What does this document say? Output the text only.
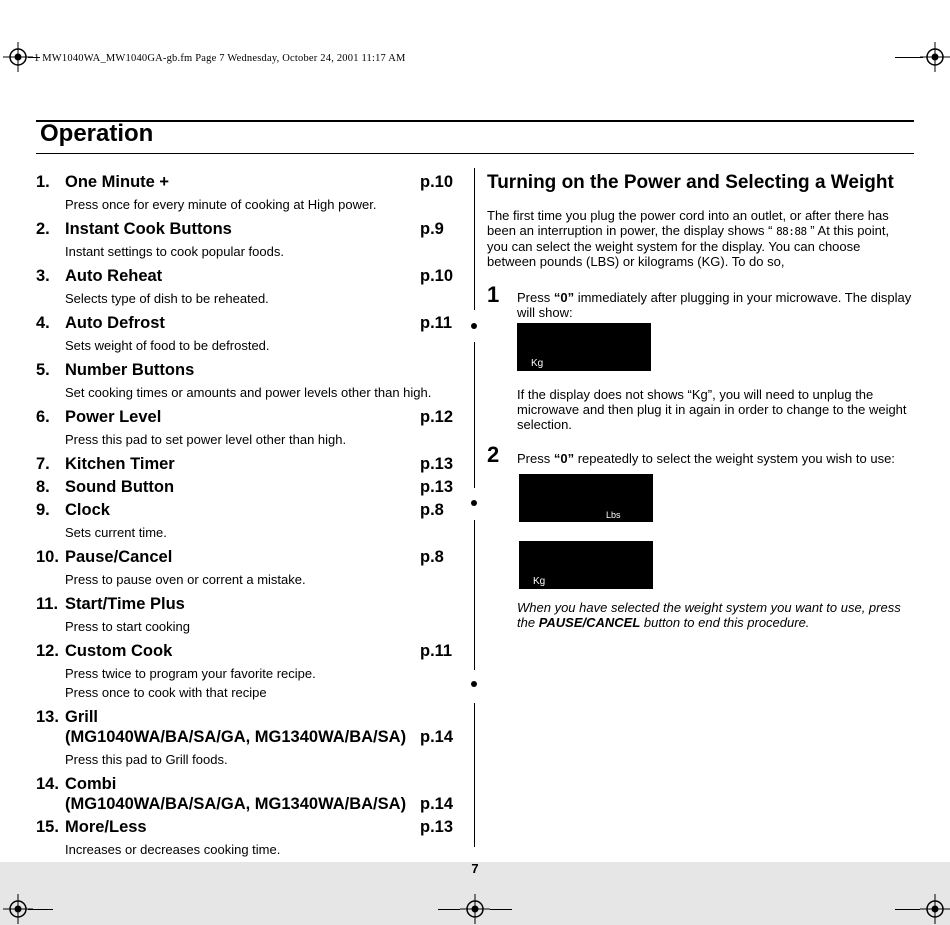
1 MW1040WA_MW1040GA-gb.fm Page 7 Wednesday, October 24, 2001 11:17 AM
Operation
1. One Minute +	p.10
Press once for every minute of cooking at High power.
2. Instant Cook Buttons	p.9
Instant settings to cook popular foods.
3. Auto Reheat	p.10
Selects type of dish to be reheated.
4. Auto Defrost	p.11
Sets weight of food to be defrosted.
5. Number Buttons
Set cooking times or amounts and power levels other than high.
6. Power Level	p.12
Press this pad to set power level other than high.
7. Kitchen Timer	p.13
8. Sound Button	p.13
9. Clock	p.8
Sets current time.
10. Pause/Cancel	p.8
Press to pause oven or corrent a mistake.
11. Start/Time Plus
Press to start cooking
12. Custom Cook	p.11
Press twice to program your favorite recipe.
Press once to cook with that recipe
13. Grill
(MG1040WA/BA/SA/GA, MG1340WA/BA/SA) p.14
Press this pad to Grill foods.
14. Combi
(MG1040WA/BA/SA/GA, MG1340WA/BA/SA) p.14
15. More/Less	p.13
Increases or decreases cooking time.
Turning on the Power and Selecting a Weight
The first time you plug the power cord into an outlet, or after there has been an interruption in power, the display shows “ 88:88 ” At this point, you can select the weight system for the display. You can choose between pounds (LBS) or kilograms (KG). To do so,
1 Press “0” immediately after plugging in your microwave. The display will show:
Kg
If the display does not shows “Kg”, you will need to unplug the microwave and then plug it in again in order to change to the weight selection.
2 Press “0” repeatedly to select the weight system you wish to use:
Lbs
Kg
When you have selected the weight system you want to use, press the PAUSE/CANCEL button to end this procedure.
7
